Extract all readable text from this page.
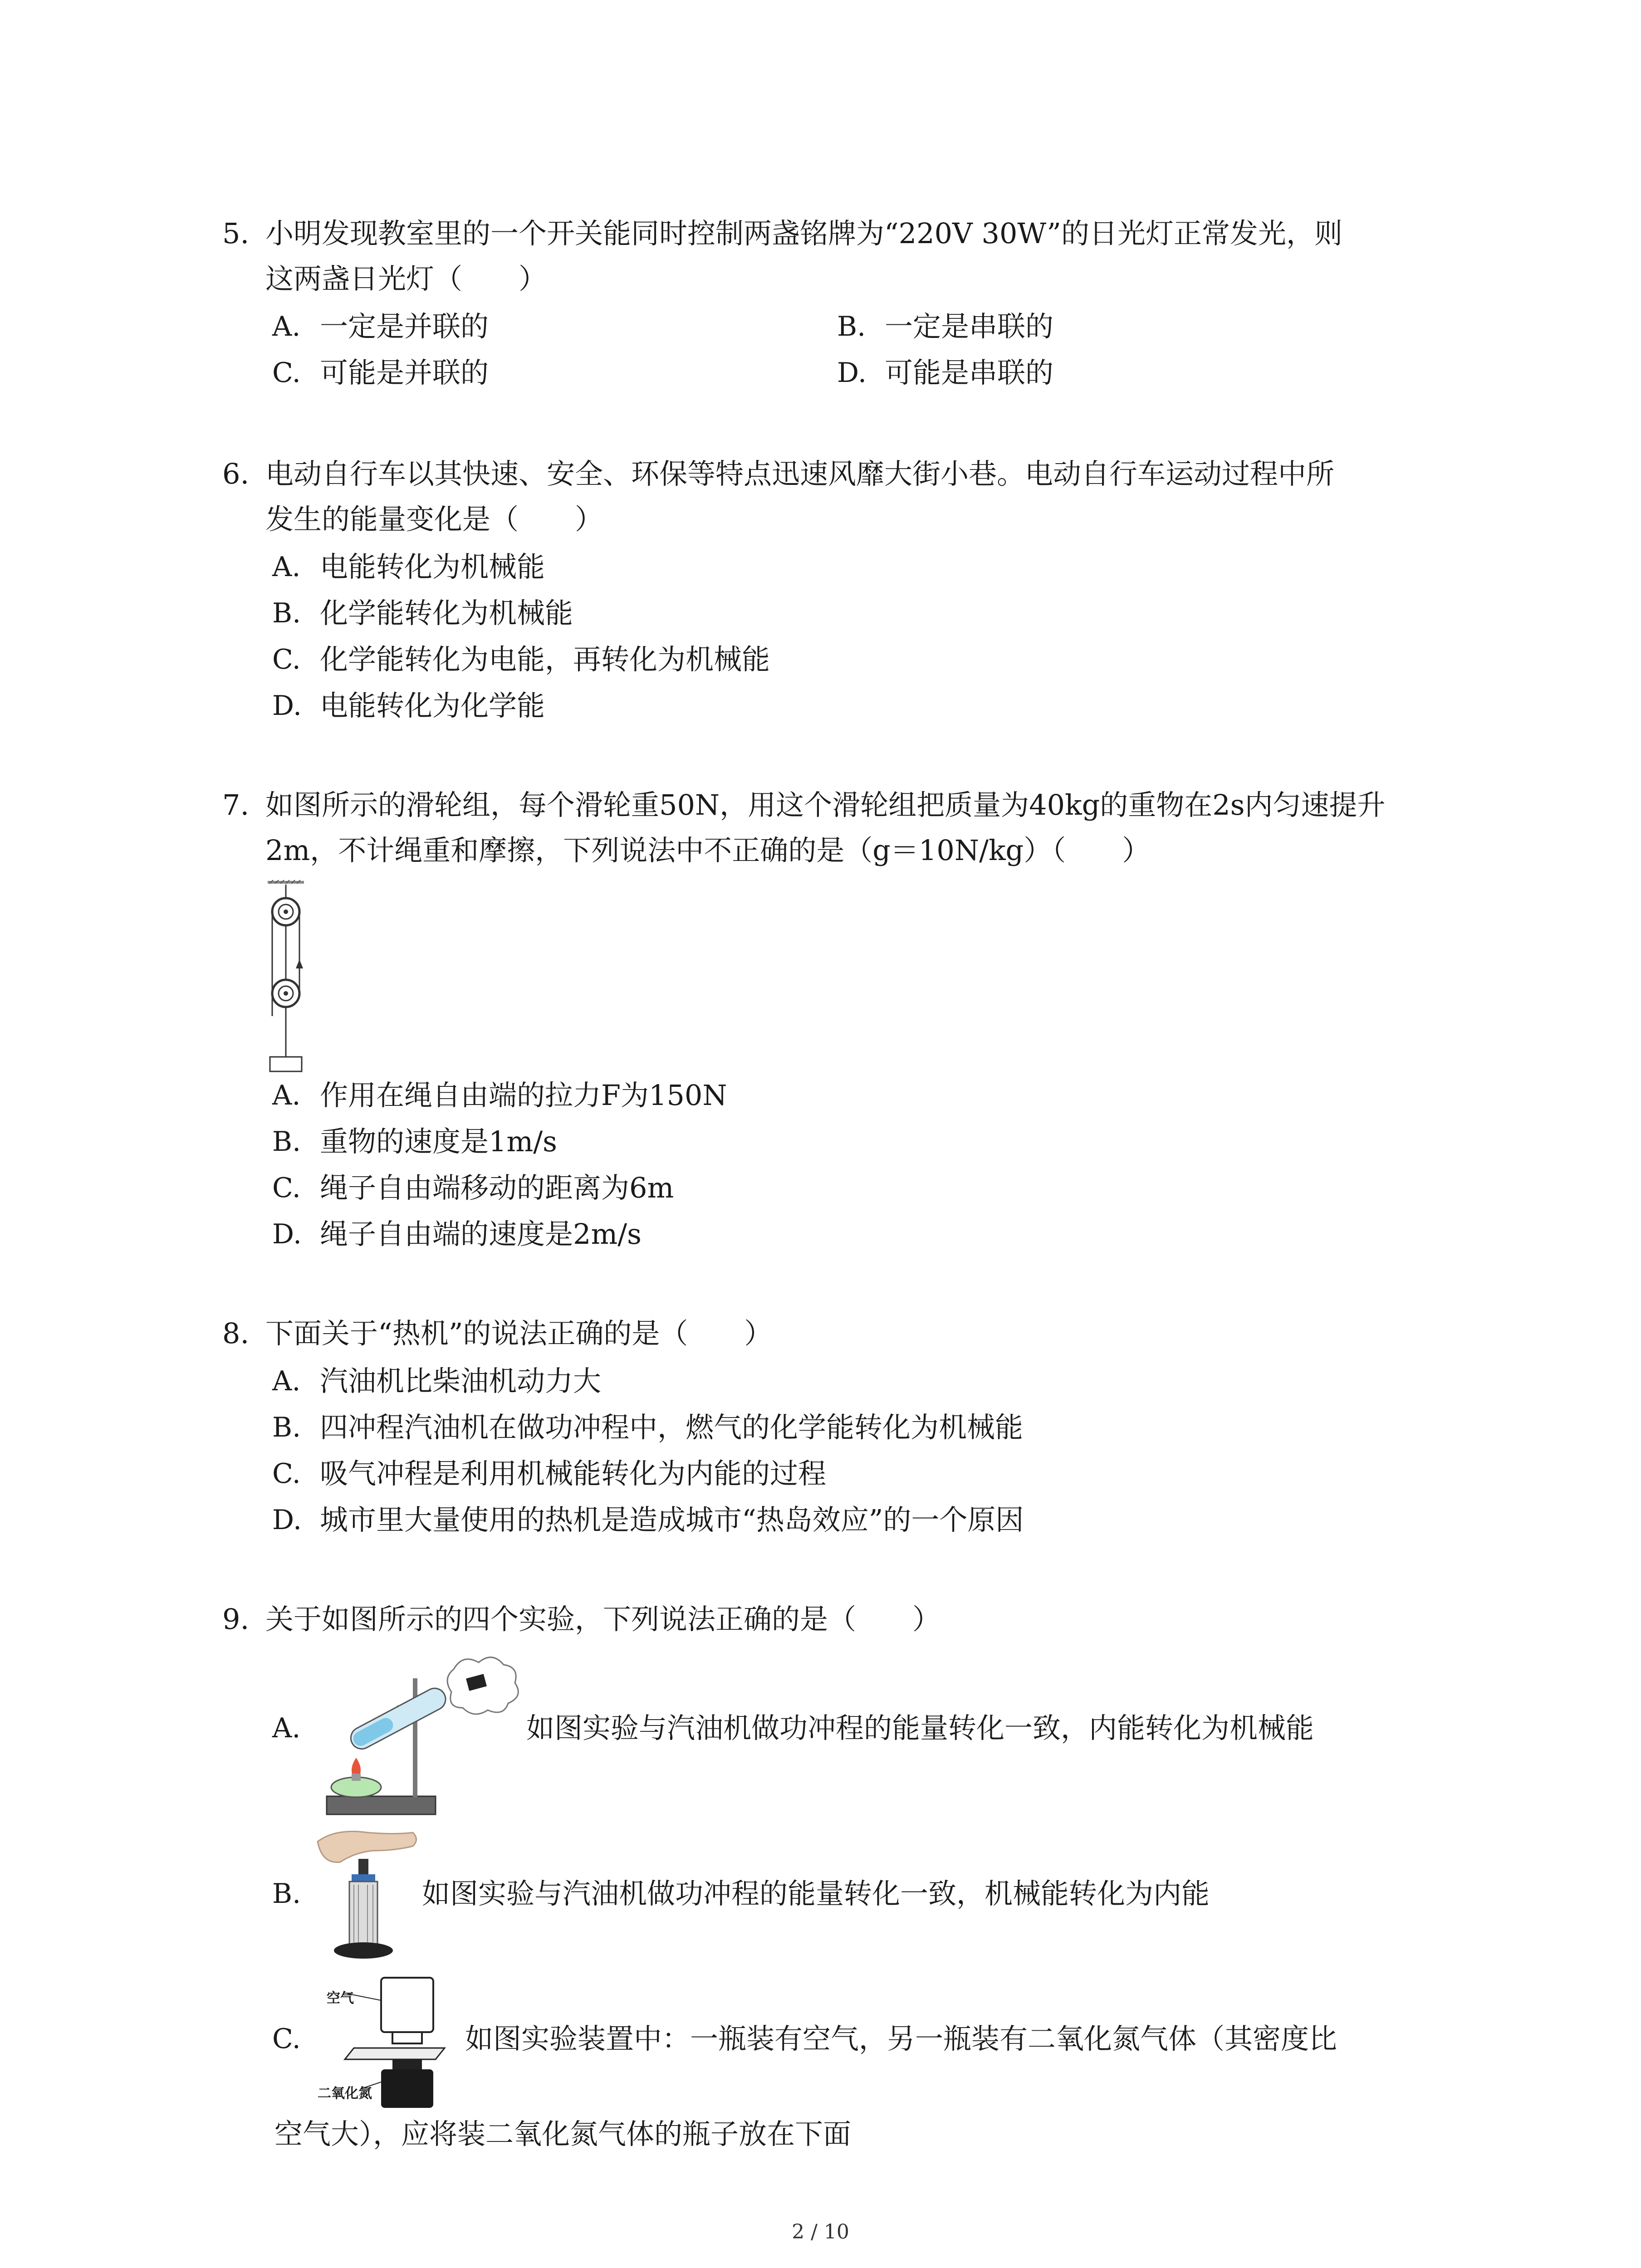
5. 小明发现教室里的一个开关能同时控制两盏铭牌为“220V 30W”的日光灯正常发光，则
这两盏日光灯（　　）
A. 一定是并联的	B. 一定是串联的
C. 可能是并联的	D. 可能是串联的
6. 电动自行车以其快速、安全、环保等特点迅速风靡大街小巷。电动自行车运动过程中所
发生的能量变化是（　　）
A. 电能转化为机械能
B. 化学能转化为机械能
C. 化学能转化为电能，再转化为机械能
D. 电能转化为化学能
7. 如图所示的滑轮组，每个滑轮重50N，用这个滑轮组把质量为40kg的重物在2s内匀速提升
2m，不计绳重和摩擦，下列说法中不正确的是（g＝10N/kg）（　　）
A. 作用在绳自由端的拉力F为150N
B. 重物的速度是1m/s
C. 绳子自由端移动的距离为6m
D. 绳子自由端的速度是2m/s
8. 下面关于“热机”的说法正确的是（　　）
A. 汽油机比柴油机动力大
B. 四冲程汽油机在做功冲程中，燃气的化学能转化为机械能
C. 吸气冲程是利用机械能转化为内能的过程
D. 城市里大量使用的热机是造成城市“热岛效应”的一个原因
9. 关于如图所示的四个实验，下列说法正确的是（　　）
A.	如图实验与汽油机做功冲程的能量转化一致，内能转化为机械能
B.	如图实验与汽油机做功冲程的能量转化一致，机械能转化为内能
C.
空气
二氧化氮
如图实验装置中：一瓶装有空气，另一瓶装有二氧化氮气体（其密度比
空气大），应将装二氧化氮气体的瓶子放在下面
2 / 10
